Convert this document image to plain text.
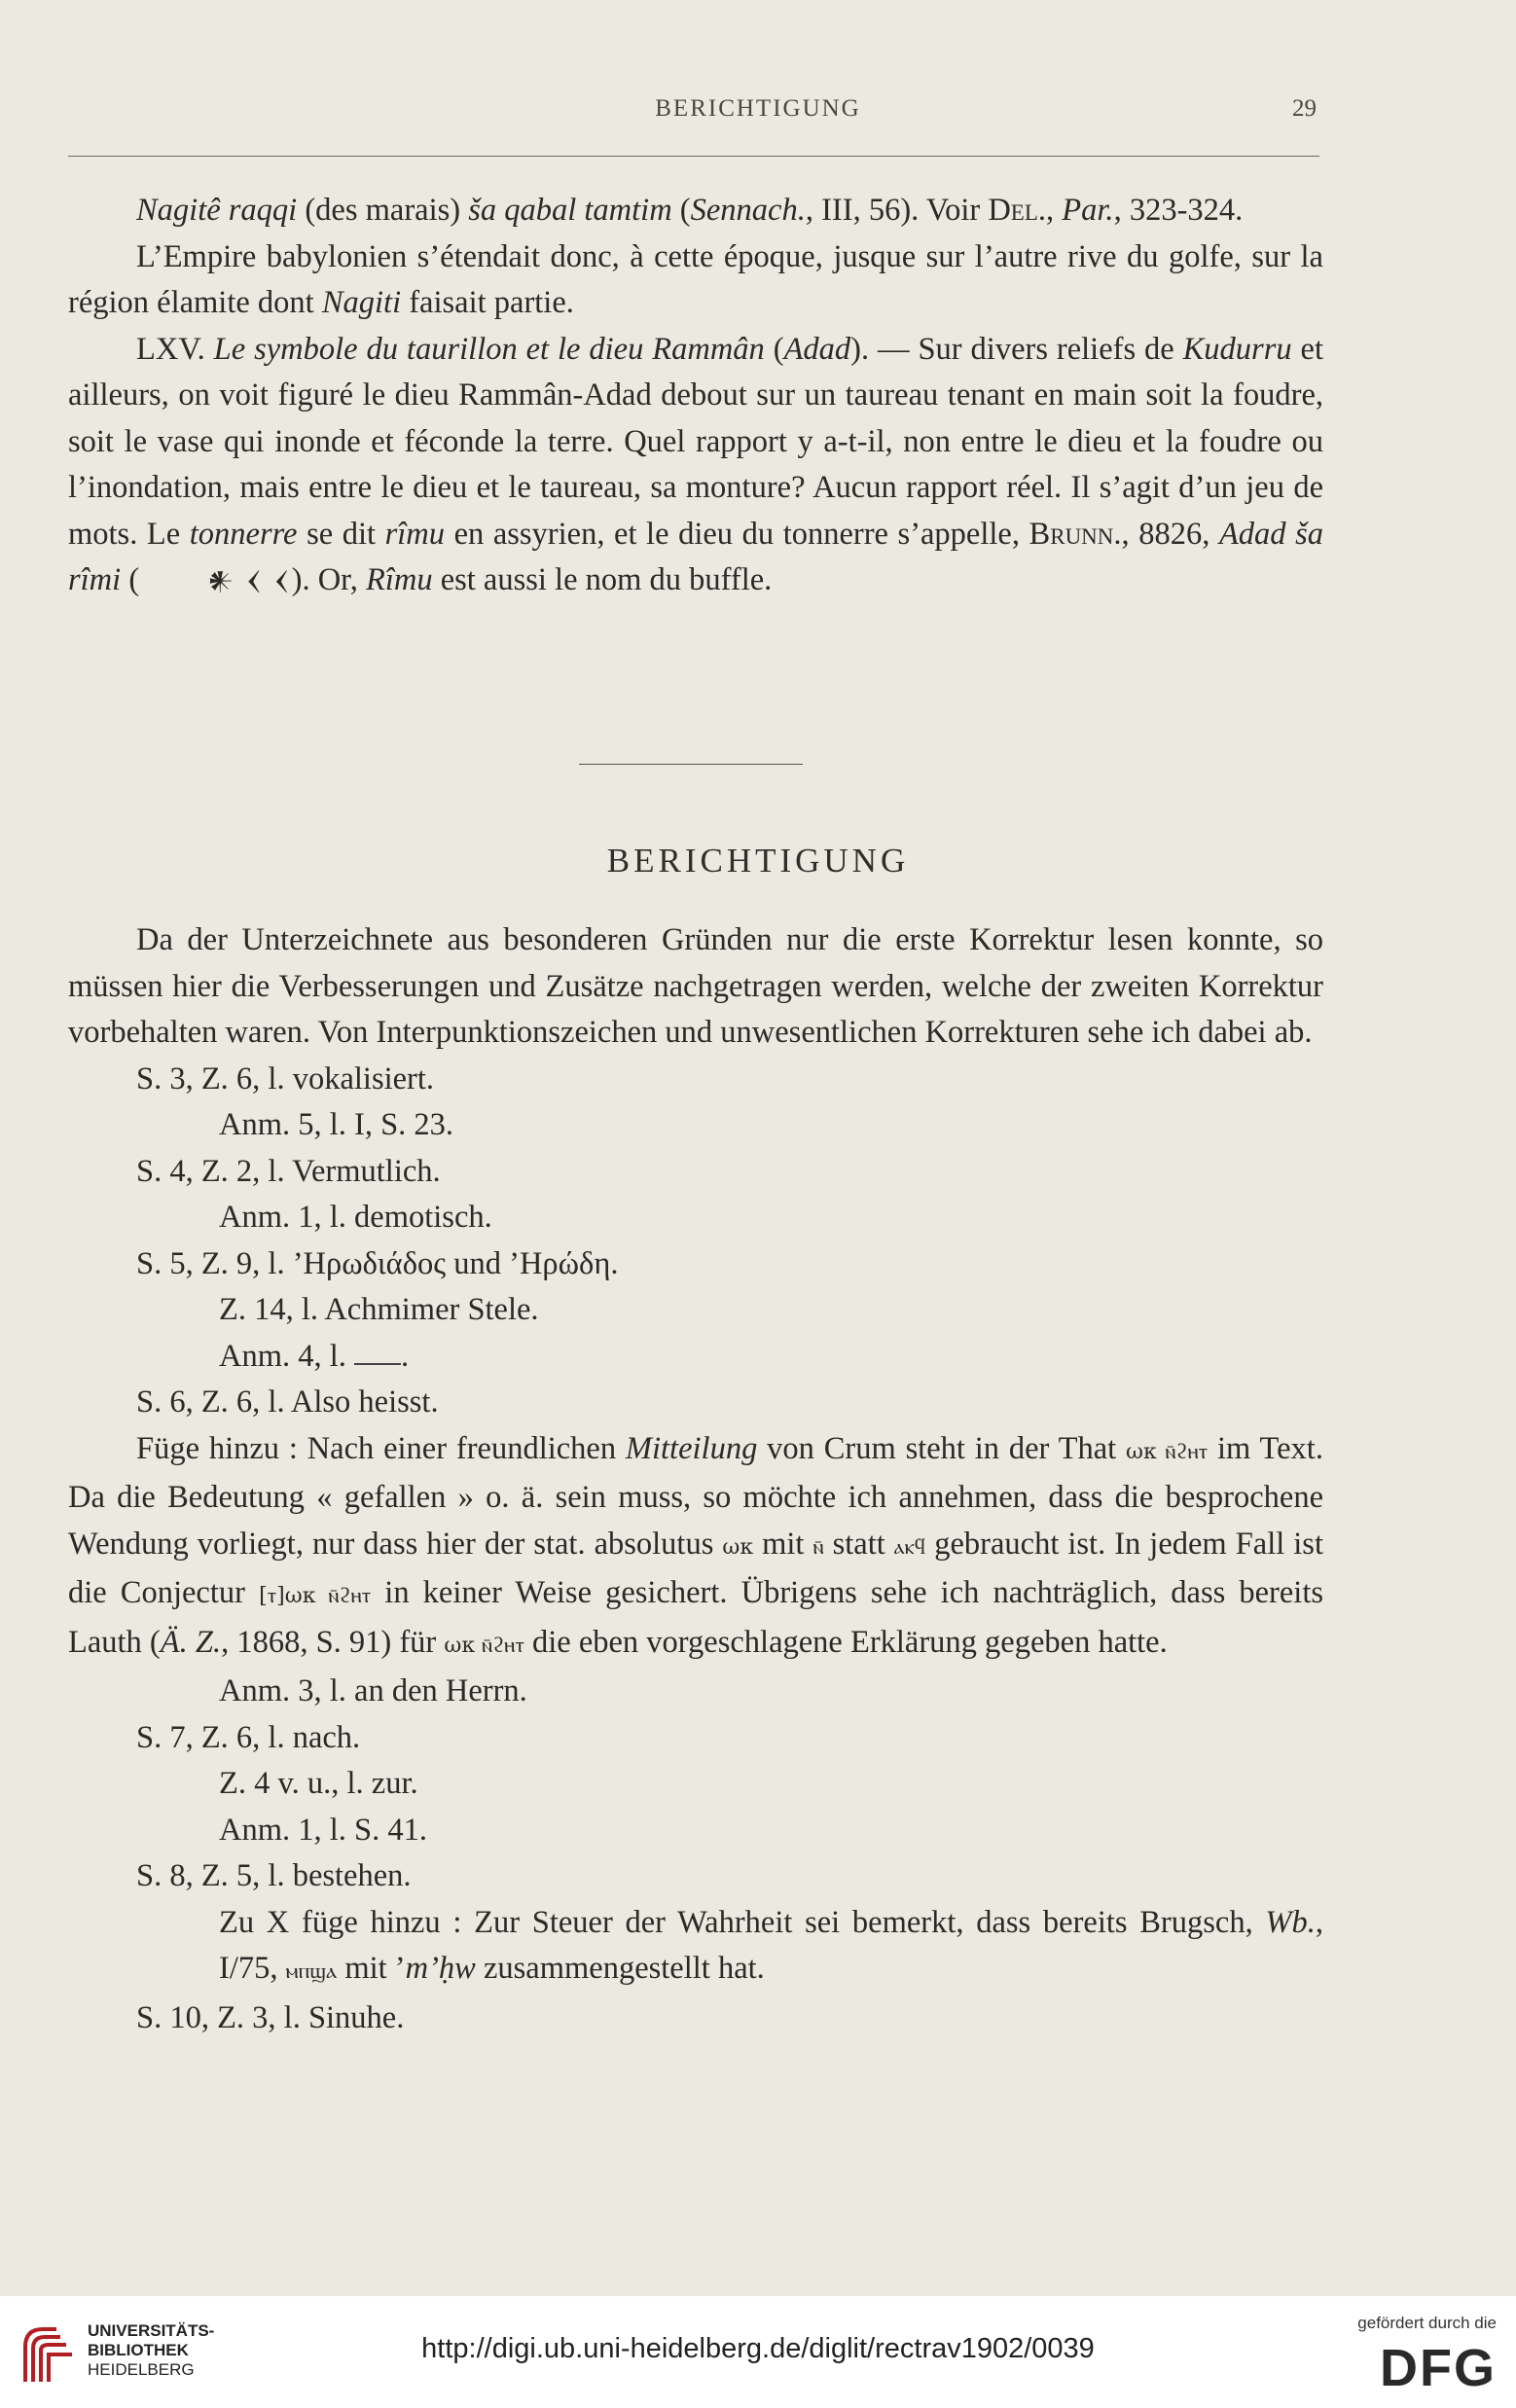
BERICHTIGUNG	29

Nagitê raqqi (des marais) ša qabal tamtim (Sennach., III, 56). Voir Del., Par., 323-324.

L’Empire babylonien s’étendait donc, à cette époque, jusque sur l’autre rive du golfe, sur la région élamite dont Nagiti faisait partie.

LXV. Le symbole du taurillon et le dieu Rammân (Adad). — Sur divers reliefs de Kudurru et ailleurs, on voit figuré le dieu Rammân-Adad debout sur un taureau tenant en main soit la foudre, soit le vase qui inonde et féconde la terre. Quel rapport y a-t-il, non entre le dieu et la foudre ou l’inondation, mais entre le dieu et le taureau, sa monture? Aucun rapport réel. Il s’agit d’un jeu de mots. Le tonnerre se dit rîmu en assyrien, et le dieu du tonnerre s’appelle, Brunn., 8826, Adad ša rîmi (	𒀭 𒌋 𒌋). Or, Rîmu est aussi le nom du buffle.

BERICHTIGUNG

Da der Unterzeichnete aus besonderen Gründen nur die erste Korrektur lesen konnte, so müssen hier die Verbesserungen und Zusätze nachgetragen werden, welche der zweiten Korrektur vorbehalten waren. Von Interpunktionszeichen und unwesentlichen Korrekturen sehe ich dabei ab.

S. 3, Z. 6, l. vokalisiert.

Anm. 5, l. I, S. 23.

S. 4, Z. 2, l. Vermutlich.

Anm. 1, l. demotisch.

S. 5, Z. 9, l. ’Ηρωδιάδος und ’Ηρώδη.

Z. 14, l. Achmimer Stele.

Anm. 4, l. .

S. 6, Z. 6, l. Also heisst.

Füge hinzu : Nach einer freundlichen Mitteilung von Crum steht in der That ωκ ⲛ̄ϩⲏⲧ im Text. Da die Bedeutung « gefallen » o. ä. sein muss, so möchte ich annehmen, dass die besprochene Wendung vorliegt, nur dass hier der stat. absolutus ωκ mit ⲛ̄ statt ⲁⲕϥ gebraucht ist. In jedem Fall ist die Conjectur [ⲧ]ωκ ⲛ̄ϩⲏⲧ in keiner Weise gesichert. Übrigens sehe ich nachträglich, dass bereits Lauth (Ä. Z., 1868, S. 91) für ωκ ⲛ̄ϩⲏⲧ die eben vorgeschlagene Erklärung gegeben hatte.

Anm. 3, l. an den Herrn.

S. 7, Z. 6, l. nach.

Z. 4 v. u., l. zur.

Anm. 1, l. S. 41.

S. 8, Z. 5, l. bestehen.

Zu X füge hinzu : Zur Steuer der Wahrheit sei bemerkt, dass bereits Brugsch, Wb., I/75, ⲙⲡϣⲁ mit ’m’ḥw zusammengestellt hat.

S. 10, Z. 3, l. Sinuhe.

UNIVERSITÄTS-
BIBLIOTHEK
HEIDELBERG
http://digi.ub.uni-heidelberg.de/diglit/rectrav1902/0039
gefördert durch die
DFG
